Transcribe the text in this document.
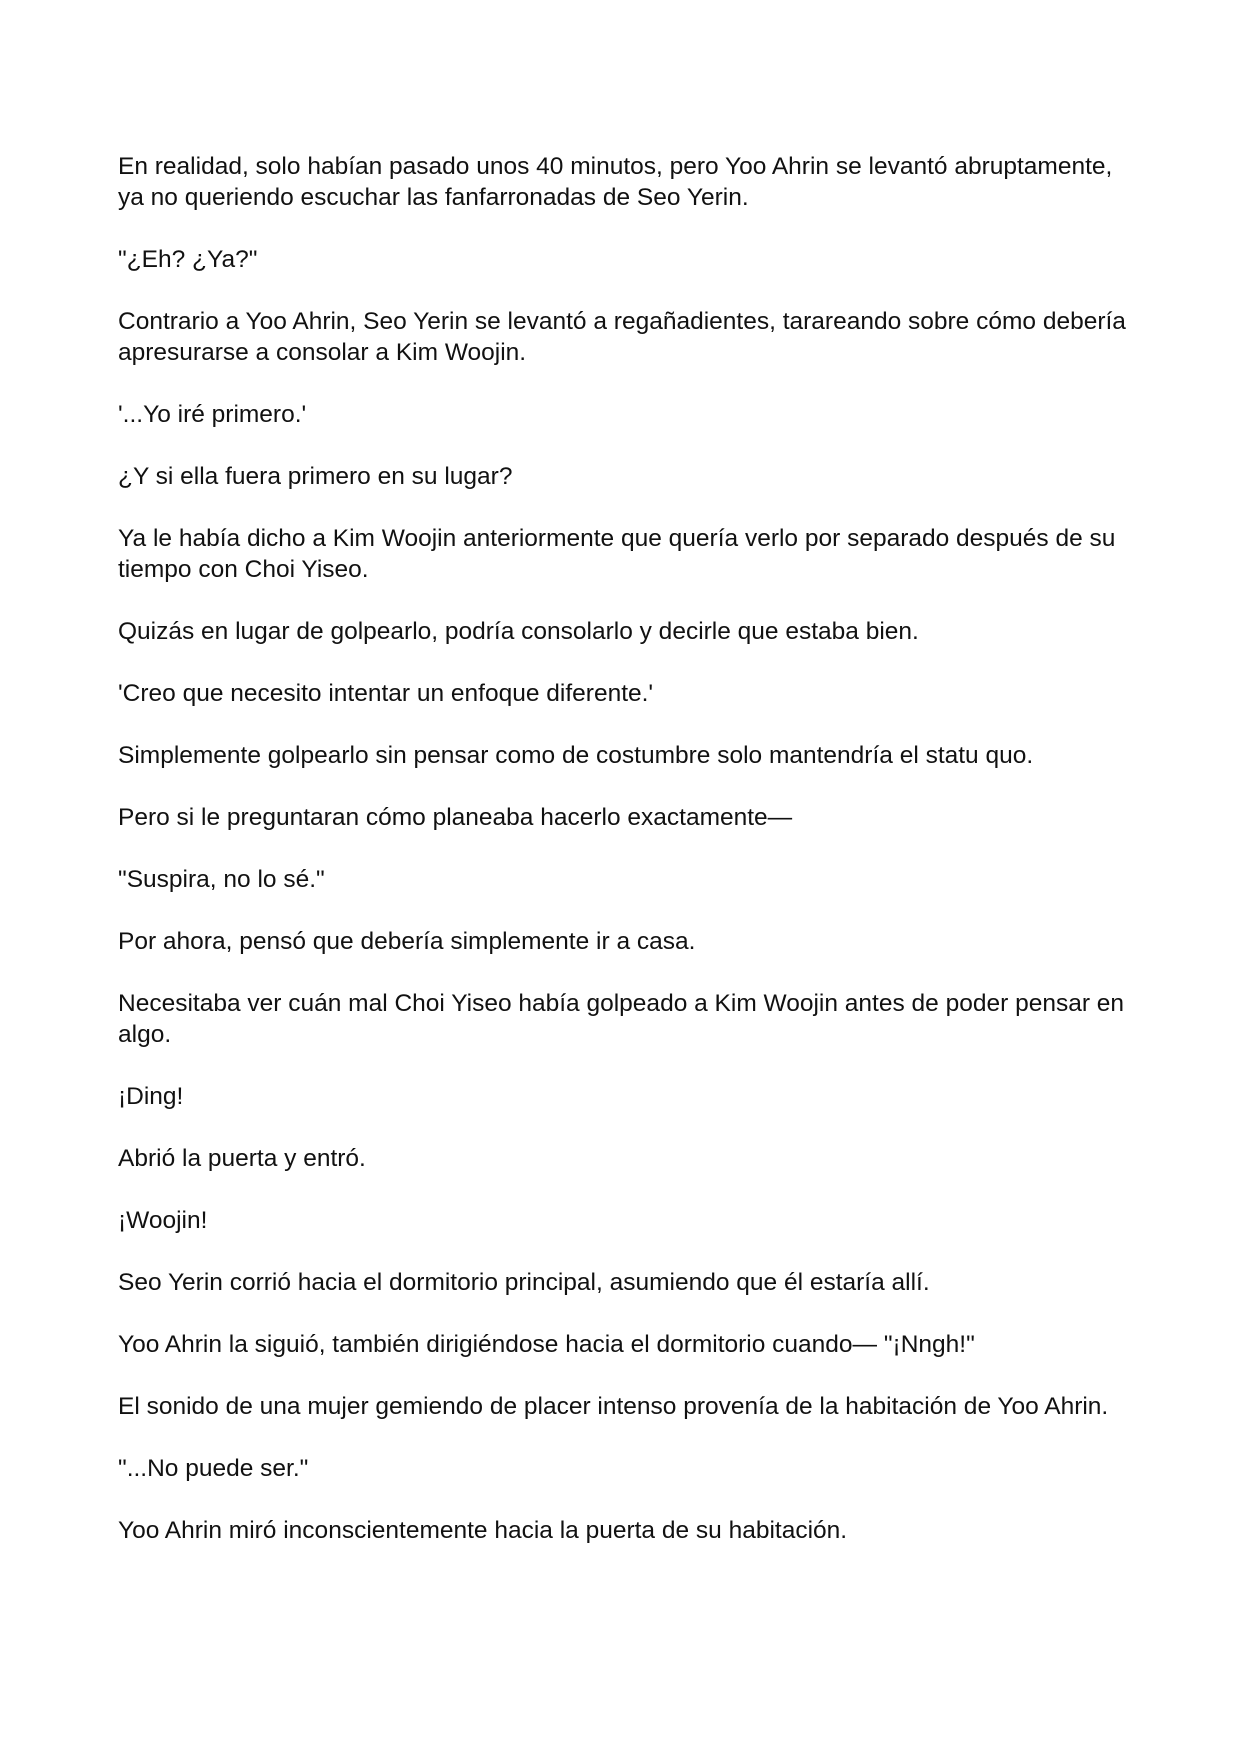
En realidad, solo habían pasado unos 40 minutos, pero Yoo Ahrin se levantó abruptamente, ya no queriendo escuchar las fanfarronadas de Seo Yerin.

"¿Eh? ¿Ya?"

Contrario a Yoo Ahrin, Seo Yerin se levantó a regañadientes, tarareando sobre cómo debería apresurarse a consolar a Kim Woojin.

'...Yo iré primero.'

¿Y si ella fuera primero en su lugar?

Ya le había dicho a Kim Woojin anteriormente que quería verlo por separado después de su tiempo con Choi Yiseo.

Quizás en lugar de golpearlo, podría consolarlo y decirle que estaba bien.

'Creo que necesito intentar un enfoque diferente.'

Simplemente golpearlo sin pensar como de costumbre solo mantendría el statu quo.

Pero si le preguntaran cómo planeaba hacerlo exactamente—

"Suspira, no lo sé."

Por ahora, pensó que debería simplemente ir a casa.

Necesitaba ver cuán mal Choi Yiseo había golpeado a Kim Woojin antes de poder pensar en algo.

¡Ding!

Abrió la puerta y entró.

¡Woojin!

Seo Yerin corrió hacia el dormitorio principal, asumiendo que él estaría allí.

Yoo Ahrin la siguió, también dirigiéndose hacia el dormitorio cuando— "¡Nngh!"

El sonido de una mujer gemiendo de placer intenso provenía de la habitación de Yoo Ahrin.

"...No puede ser."

Yoo Ahrin miró inconscientemente hacia la puerta de su habitación.
